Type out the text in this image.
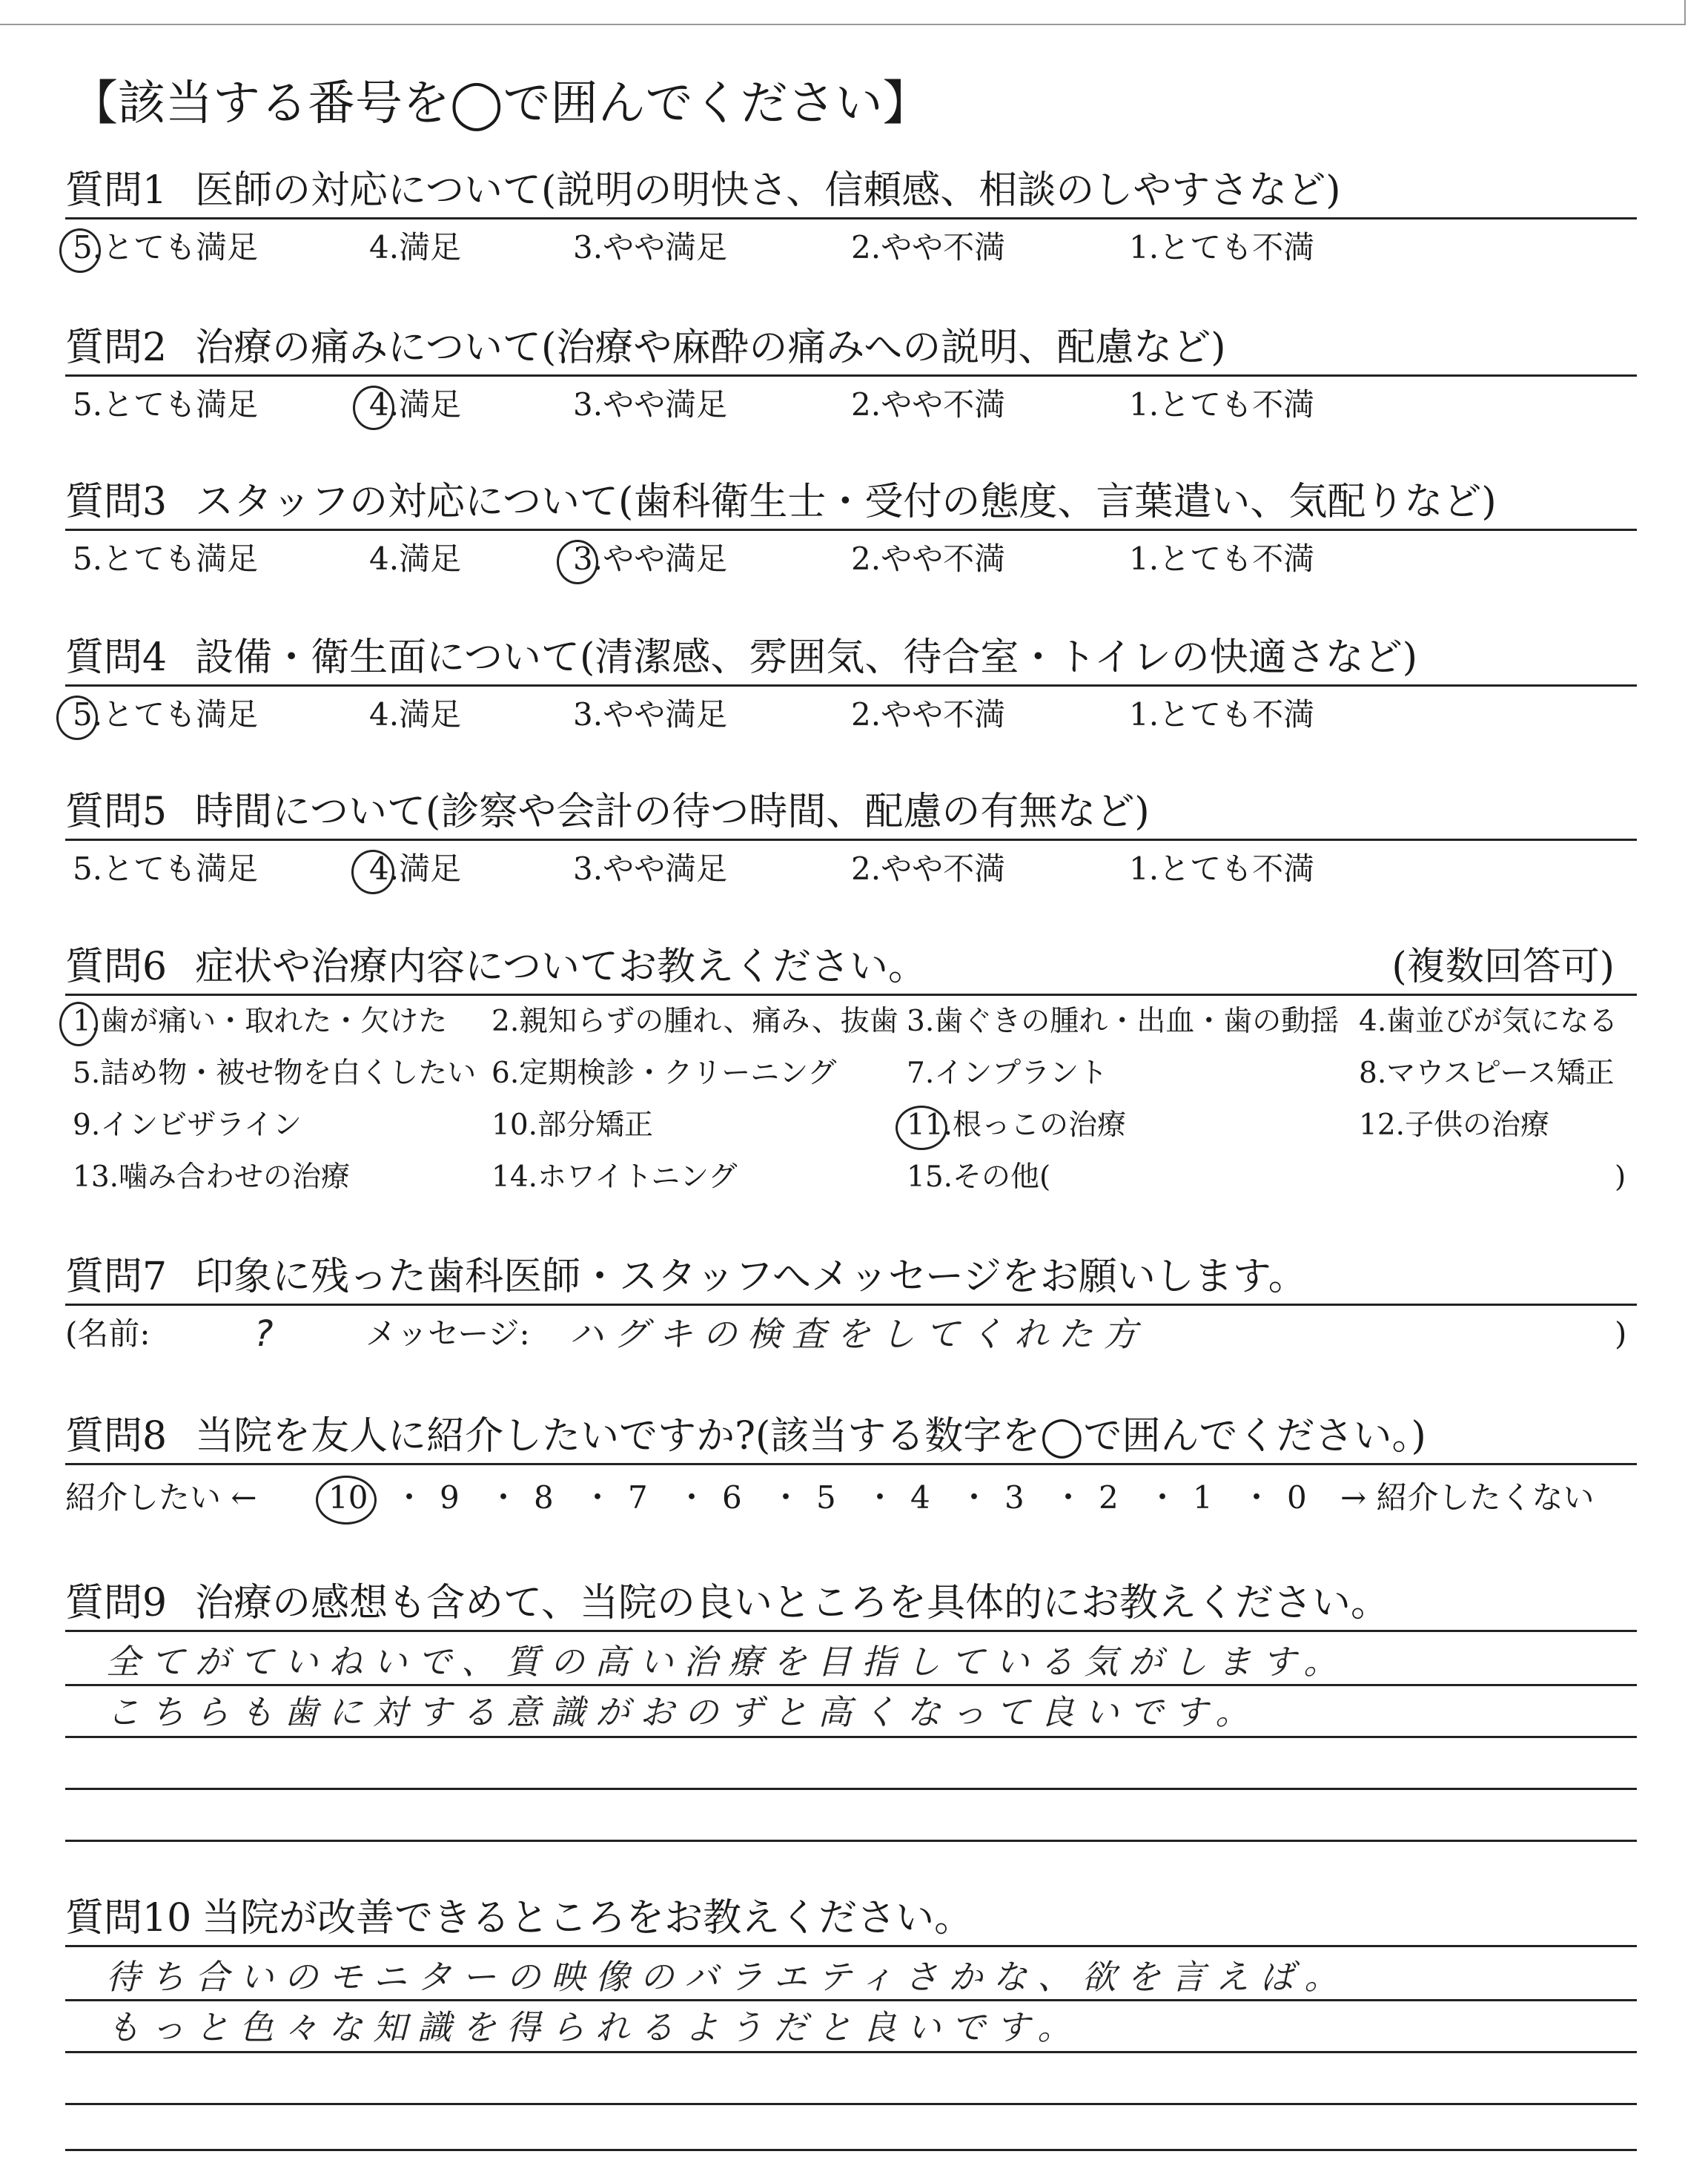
【該当する番号を◯で囲んでください】
質問1 医師の対応について(説明の明快さ、信頼感、相談のしやすさなど)
5.とても満足	4.満足	3.やや満足	2.やや不満	1.とても不満
質問2 治療の痛みについて(治療や麻酔の痛みへの説明、配慮など)
5.とても満足	4.満足	3.やや満足	2.やや不満	1.とても不満
質問3 スタッフの対応について(歯科衛生士・受付の態度、言葉遣い、気配りなど)
5.とても満足	4.満足	3.やや満足	2.やや不満	1.とても不満
質問4 設備・衛生面について(清潔感、雰囲気、待合室・トイレの快適さなど)
5.とても満足	4.満足	3.やや満足	2.やや不満	1.とても不満
質問5 時間について(診察や会計の待つ時間、配慮の有無など)
5.とても満足	4.満足	3.やや満足	2.やや不満	1.とても不満
質問6 症状や治療内容についてお教えください。	(複数回答可)
1.歯が痛い・取れた・欠けた 2.親知らずの腫れ、痛み、抜歯 3.歯ぐきの腫れ・出血・歯の動揺 4.歯並びが気になる
5.詰め物・被せ物を白くしたい 6.定期検診・クリーニング 7.インプラント	8.マウスピース矯正
9.インビザライン	10.部分矯正	11.根っこの治療	12.子供の治療
13.噛み合わせの治療	14.ホワイトニング	15.その他(	)
質問7 印象に残った歯科医師・スタッフへメッセージをお願いします。
(名前:	?	メッセージ: ハグキの検査をしてくれた方	)
質問8 当院を友人に紹介したいですか?(該当する数字を◯で囲んでください。)
紹介したい ← 10 ・ 9 ・ 8 ・ 7 ・ 6 ・ 5 ・ 4 ・ 3 ・ 2 ・ 1 ・ 0 → 紹介したくない
質問9 治療の感想も含めて、当院の良いところを具体的にお教えください。
全てがていねいで、質の高い治療を目指している気がします。
こちらも歯に対する意識がおのずと高くなって良いです。
質問10 当院が改善できるところをお教えください。
待ち合いのモニターの映像のバラエティさかな、欲を言えば。
もっと色々な知識を得られるようだと良いです。
